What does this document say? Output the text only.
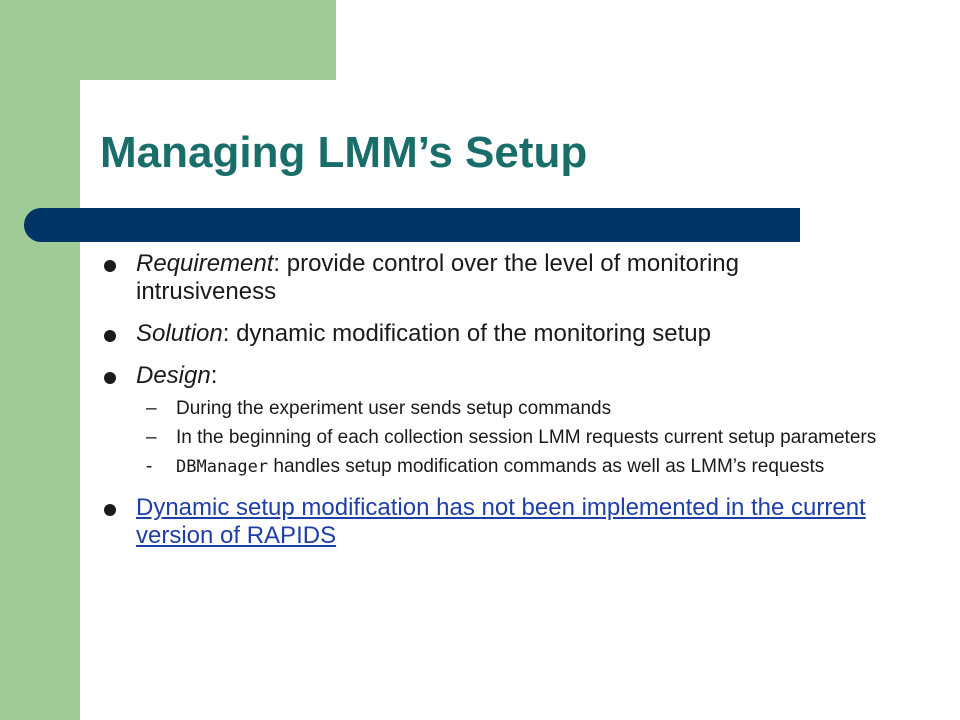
Managing LMM’s Setup
Requirement: provide control over the level of monitoring intrusiveness
Solution: dynamic modification of the monitoring setup
Design:
– During the experiment user sends setup commands
– In the beginning of each collection session LMM requests current setup parameters
- DBManager handles setup modification commands as well as LMM’s requests
Dynamic setup modification has not been implemented in the current version of RAPIDS
